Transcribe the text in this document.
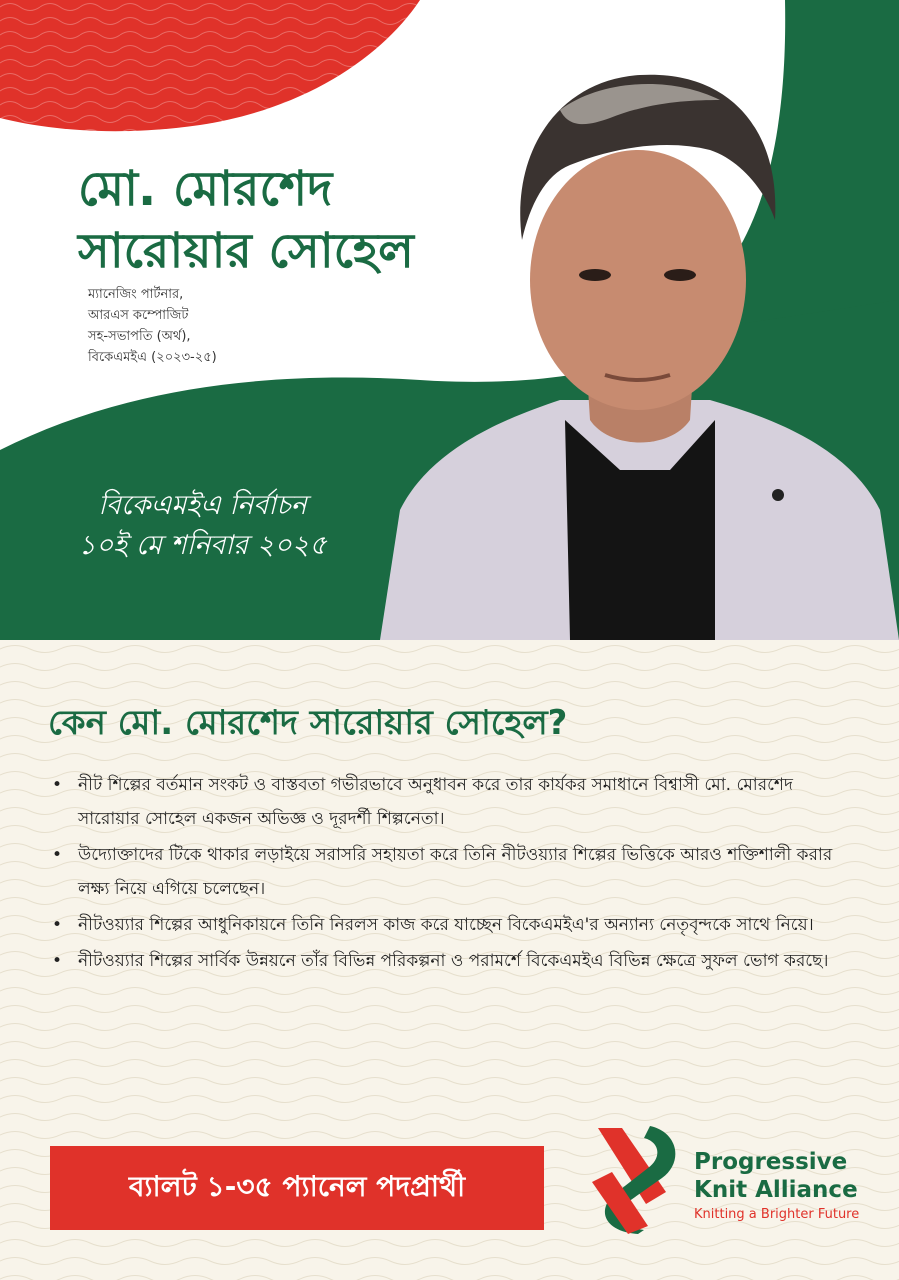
মো. মোরশেদ
সারোয়ার সোহেল
ম্যানেজিং পার্টনার,
আরএস কম্পোজিট
সহ-সভাপতি (অর্থ),
বিকেএমইএ (২০২৩-২৫)
বিকেএমইএ নির্বাচন
১০ই মে শনিবার ২০২৫
কেন মো. মোরশেদ সারোয়ার সোহেল?
• নীট শিল্পের বর্তমান সংকট ও বাস্তবতা গভীরভাবে অনুধাবন করে তার কার্যকর সমাধানে বিশ্বাসী মো. মোরশেদ সারোয়ার সোহেল একজন অভিজ্ঞ ও দূরদর্শী শিল্পনেতা।
• উদ্যোক্তাদের টিকে থাকার লড়াইয়ে সরাসরি সহায়তা করে তিনি নীটওয়্যার শিল্পের ভিত্তিকে আরও শক্তিশালী করার লক্ষ্য নিয়ে এগিয়ে চলেছেন।
• নীটওয়্যার শিল্পের আধুনিকায়নে তিনি নিরলস কাজ করে যাচ্ছেন বিকেএমইএ'র অন্যান্য নেতৃবৃন্দকে সাথে নিয়ে।
• নীটওয়্যার শিল্পের সার্বিক উন্নয়নে তাঁর বিভিন্ন পরিকল্পনা ও পরামর্শে বিকেএমইএ বিভিন্ন ক্ষেত্রে সুফল ভোগ করছে।
ব্যালট ১-৩৫ প্যানেল পদপ্রার্থী
Progressive
Knit Alliance
Knitting a Brighter Future
